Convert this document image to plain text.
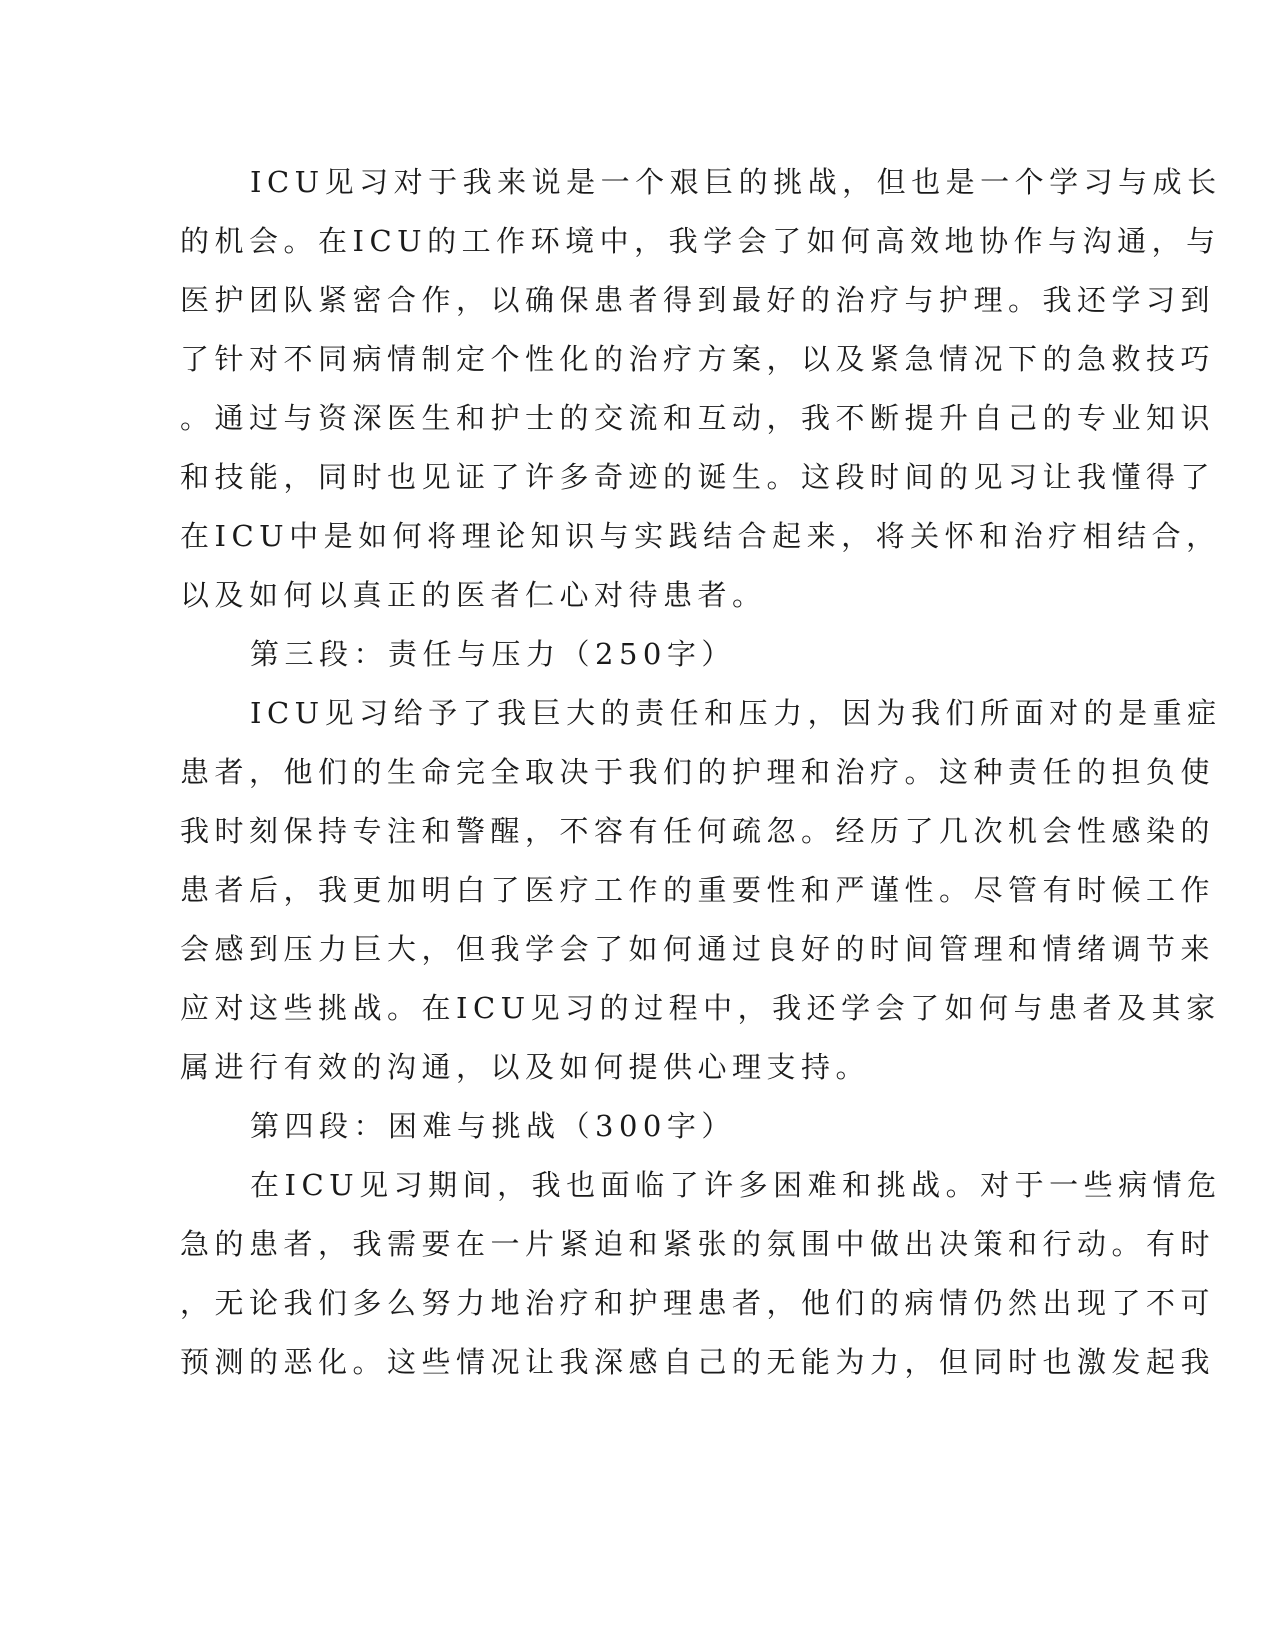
ICU见习对于我来说是一个艰巨的挑战，但也是一个学习与成长

的机会。在ICU的工作环境中，我学会了如何高效地协作与沟通，与

医护团队紧密合作，以确保患者得到最好的治疗与护理。我还学习到

了针对不同病情制定个性化的治疗方案，以及紧急情况下的急救技巧

。通过与资深医生和护士的交流和互动，我不断提升自己的专业知识

和技能，同时也见证了许多奇迹的诞生。这段时间的见习让我懂得了

在ICU中是如何将理论知识与实践结合起来，将关怀和治疗相结合，

以及如何以真正的医者仁心对待患者。

第三段：责任与压力（250字）

ICU见习给予了我巨大的责任和压力，因为我们所面对的是重症

患者，他们的生命完全取决于我们的护理和治疗。这种责任的担负使

我时刻保持专注和警醒，不容有任何疏忽。经历了几次机会性感染的

患者后，我更加明白了医疗工作的重要性和严谨性。尽管有时候工作

会感到压力巨大，但我学会了如何通过良好的时间管理和情绪调节来

应对这些挑战。在ICU见习的过程中，我还学会了如何与患者及其家

属进行有效的沟通，以及如何提供心理支持。

第四段：困难与挑战（300字）

在ICU见习期间，我也面临了许多困难和挑战。对于一些病情危

急的患者，我需要在一片紧迫和紧张的氛围中做出决策和行动。有时

，无论我们多么努力地治疗和护理患者，他们的病情仍然出现了不可

预测的恶化。这些情况让我深感自己的无能为力，但同时也激发起我
